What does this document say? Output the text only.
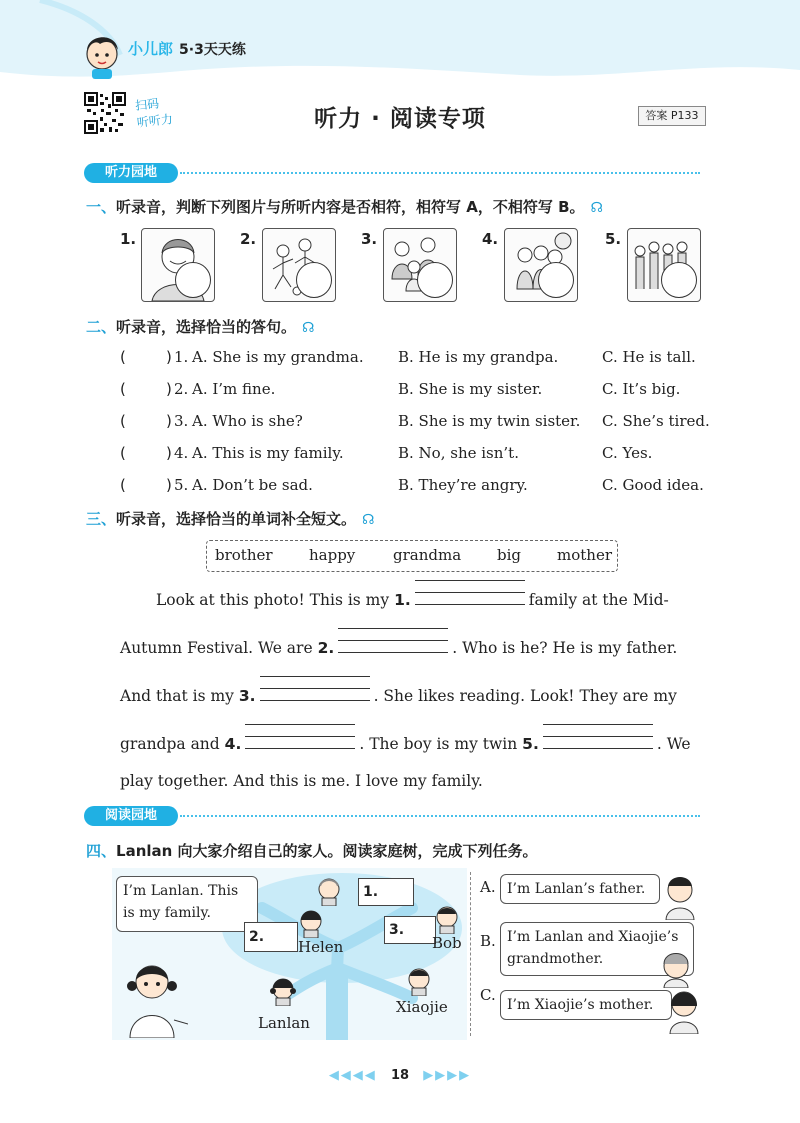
小儿郎 5·3天天练
扫码
听听力	听力 · 阅读专项	答案 P133
听力园地
一、听录音，判断下列图片与所听内容是否相符，相符写 A，不相符写 B。 ☊
1.	2.	3.	4.	5.
二、听录音，选择恰当的答句。 ☊
(	) 1. A. She is my grandma. B. He is my grandpa.	C. He is tall.
(	) 2. A. I’m fine.	B. She is my sister.	C. It’s big.
(	) 3. A. Who is she?	B. She is my twin sister. C. She’s tired.
(	) 4. A. This is my family.	B. No, she isn’t.	C. Yes.
(	) 5. A. Don’t be sad.	B. They’re angry.	C. Good idea.
三、听录音，选择恰当的单词补全短文。 ☊
brother happy	grandma big mother
Look at this photo! This is my 1.	family at the Mid-
Autumn Festival. We are 2.	. Who is he? He is my father.
And that is my 3.	. She likes reading. Look! They are my
grandpa and 4.	. The boy is my twin 5.	. We
play together. And this is me. I love my family.
阅读园地
四、Lanlan 向大家介绍自己的家人。阅读家庭树，完成下列任务。
I’m Lanlan. This is my family.
1.
2.
Helen
3.
Bob
Lanlan
Xiaojie
A. I’m Lanlan’s father.
B. I’m Lanlan and Xiaojie’s grandmother.
C.
I’m Xiaojie’s mother.
◀◀◀◀ 18 ▶▶▶▶
